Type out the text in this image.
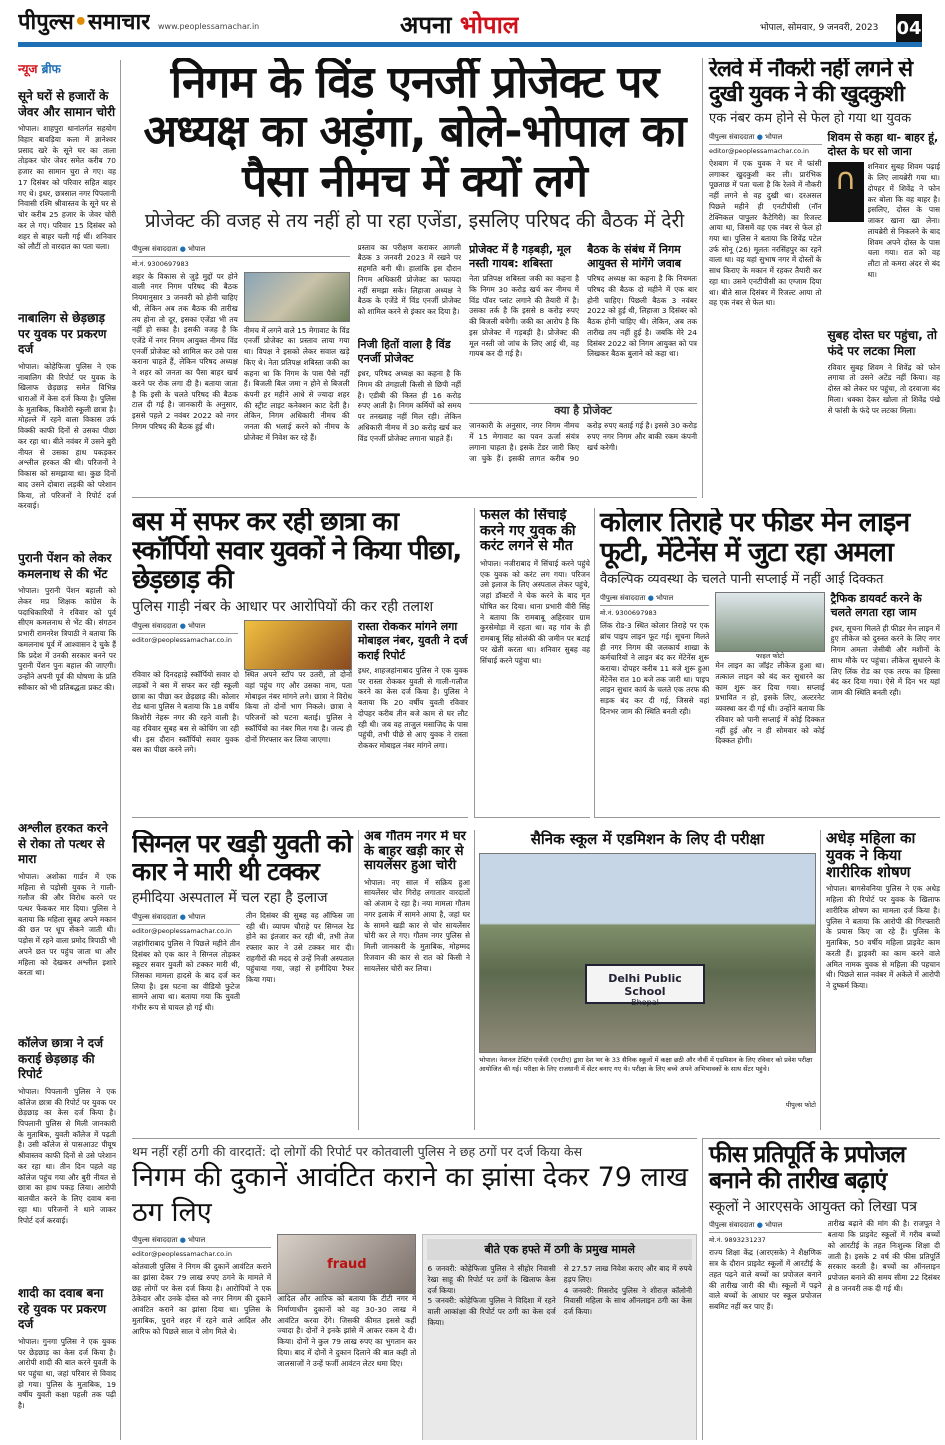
पीपुल्स•समाचार www.peoplessamachar.in	अपना भोपाल	भोपाल, सोमवार, 9 जनवरी, 2023 04
न्यूज ब्रीफ
सूने घरों से हजारों के जेवर और सामान चोरी
भोपाल। शाहपुरा थानांतर्गत सहयोग विहार बावड़िया कला में ज्ञानेश्वर प्रसाद खरे के सूने घर का ताला तोड़कर चोर जेवर समेत करीब 70 हजार का सामान चुरा ले गए। वह 17 दिसंबर को परिवार सहित बाहर गए थे। इधर, छत्रसाल नगर पिपलानी निवासी रश्मि श्रीवास्तव के सूने घर से चोर करीब 25 हजार के जेवर चोरी कर ले गए। परिवार 15 दिसंबर को शहर से बाहर चली गई थीं। शनिवार को लौटीं तो वारदात का पता चला।
नाबालिग से छेड़छाड़ पर युवक पर प्रकरण दर्ज
भोपाल। कोहेफिजा पुलिस ने एक नाबालिग की रिपोर्ट पर युवक के खिलाफ छेड़छाड़ समेत विभिन्न धाराओं में केस दर्ज किया है। पुलिस के मुताबिक, किशोरी स्कूली छात्रा है। मोहल्ले में रहने वाला विकास उर्फ विक्की काफी दिनों से उसका पीछा कर रहा था। बीते नवंबर में उसने बुरी नीयत से उसका हाथ पकड़कर अश्लील हरकत की थी। परिजनों ने विकास को समझाया था। कुछ दिनों बाद उसने दोबारा लड़की को परेशान किया, तो परिजनों ने रिपोर्ट दर्ज करवाई।
पुरानी पेंशन को लेकर कमलनाथ से की भेंट
भोपाल। पुरानी पेंशन बहाली को लेकर मप्र शिक्षक कांग्रेस के पदाधिकारियों ने रविवार को पूर्व सीएम कमलनाथ से भेंट की। संगठन प्रभारी रामनरेश त्रिपाठी ने बताया कि कमलनाथ पूर्व में आश्वासन दे चुके हैं कि प्रदेश में उनकी सरकार बनने पर पुरानी पेंशन पुनः बहाल की जाएगी। उन्होंने अपनी पूर्व की घोषणा के प्रति स्वीकार को भी प्रतिबद्धता प्रकट की।
अश्लील हरकत करने से रोका तो पत्थर से मारा
भोपाल। अशोका गार्डन में एक महिला से पड़ोसी युवक ने गाली-गलौज की और विरोध करने पर पत्थर फेंककर मार दिया। पुलिस ने बताया कि महिला सुबह अपने मकान की छत पर धूप सेंकने जाती थी। पड़ोस में रहने वाला प्रमोद त्रिपाठी भी अपने छत पर पहुंच जाता था और महिला को देखकर अश्लील इशारे करता था।
कॉलेज छात्रा ने दर्ज कराई छेड़छाड़ की रिपोर्ट
भोपाल। पिपलानी पुलिस ने एक कॉलेज छात्रा की रिपोर्ट पर युवक पर छेड़छाड़ का केस दर्ज किया है। पिपलानी पुलिस से मिली जानकारी के मुताबिक, युवती कॉलेज में पढ़ती है। उसी कॉलेज से पासआउट पीयूष श्रीवास्तव काफी दिनों से उसे परेशान कर रहा था। तीन दिन पहले वह कॉलेज पहुंच गया और बुरी नीयत से छात्रा का हाथ पकड़ लिया। आरोपी बातचीत करने के लिए दवाब बना रहा था। परिजनों ने थाने जाकर रिपोर्ट दर्ज करवाई।
शादी का दवाब बना रहे युवक पर प्रकरण दर्ज
भोपाल। गुनगा पुलिस ने एक युवक पर छेड़छाड़ का केस दर्ज किया है। आरोपी शादी की बात करने युवती के घर पहुंचा था, जहां परिवार से विवाद हो गया। पुलिस के मुताबिक, 19 वर्षीय युवती कक्षा पहली तक पढ़ी है।
निगम के विंड एनर्जी प्रोजेक्ट पर अध्यक्ष का अड़ंगा, बोले-भोपाल का पैसा नीमच में क्यों लगे
प्रोजेक्ट की वजह से तय नहीं हो पा रहा एजेंडा, इसलिए परिषद की बैठक में देरी
पीपुल्स संवाददाता ● भोपाल
मो.नं. 9300697983
शहर के विकास से जुड़े मुद्दों पर होने वाली नगर निगम परिषद की बैठक नियमानुसार 3 जनवरी को होनी चाहिए थी, लेकिन अब तक बैठक की तारीख तय होना तो दूर, इसका एजेंडा भी तय नहीं हो सका है। इसकी वजह है कि एजेंडे में नगर निगम आयुक्त नीमच विंड एनर्जी प्रोजेक्ट को शामिल कर उसे पास कराना चाहते हैं, लेकिन परिषद अध्यक्ष ने शहर को जनता का पैसा बाहर खर्च करने पर रोक लगा दी है। बताया जाता है कि इसी के चलते परिषद की बैठक टाल दी गई है। जानकारी के अनुसार, इससे पहले 2 नवंबर 2022 को नगर निगम परिषद की बैठक हुई थी।
नीमच में लगने वाले 15 मेगावाट के विंड एनर्जी प्रोजेक्ट का प्रस्ताव लाया गया था। विपक्ष ने इसको लेकर सवाल खड़े किए थे। नेता प्रतिपक्ष शबिस्ता जकी का कहना था कि निगम के पास पैसे नहीं हैं। बिजली बिल जमा न होने से बिजली कंपनी हर महीने आधे से ज्यादा शहर की स्ट्रीट लाइट कनेक्शन काट देती है। लेकिन, निगम अधिकारी नीमच की जनता की भलाई करने को नीमच के प्रोजेक्ट में निवेश कर रहे हैं।
प्रस्ताव का परीक्षण कराकर आगली बैठक 3 जनवरी 2023 में रखने पर सहमति बनी थी। हालांकि इस दौरान निगम अधिकारी प्रोजेक्ट का फायदा नहीं समझा सके। लिहाजा अध्यक्ष ने बैठक के एजेंडे में विंड एनर्जी प्रोजेक्ट को शामिल करने से इंकार कर दिया है।
निजी हितों वाला है विंड एनर्जी प्रोजेक्ट
इधर, परिषद अध्यक्ष का कहना है कि निगम की तंगहाली किसी से छिपी नहीं है। एडीबी की किस्त ही 16 करोड़ रुपए आती है। निगम कर्मियों को समय पर तनख्वाह नहीं मिल रही। लेकिन अधिकारी नीमच में 30 करोड़ खर्च कर विंड एनर्जी प्रोजेक्ट लगाना चाहते हैं।
प्रोजेक्ट में है गड़बड़ी, मूल नस्ती गायब: शबिस्ता
नेता प्रतिपक्ष शबिस्ता जकी का कहना है कि निगम 30 करोड़ खर्च कर नीमच में विंड पॉवर प्लांट लगाने की तैयारी में है। उसका तर्क है कि इससे 8 करोड़ रुपए की बिजली बचेगी। जकी का आरोप है कि इस प्रोजेक्ट में गड़बड़ी है। प्रोजेक्ट की मूल नस्ती जो जांच के लिए आई थी, वह गायब कर दी गई है।
बैठक के संबंध में निगम आयुक्त से मांगेंगे जवाब
परिषद अध्यक्ष का कहना है कि नियमतः परिषद की बैठक दो महीने में एक बार होनी चाहिए। पिछली बैठक 3 नवंबर 2022 को हुई थी, लिहाजा 3 दिसंबर को बैठक होनी चाहिए थी। लेकिन, अब तक तारीख तय नहीं हुई है। जबकि मेरे 24 दिसंबर 2022 को निगम आयुक्त को पत्र लिखकर बैठक बुलाने को कहा था।
क्या है प्रोजेक्ट
जानकारी के अनुसार, नगर निगम नीमच में 15 मेगावाट का पवन ऊर्जा संयंत्र लगाना चाहता है। इसके टेंडर जारी किए जा चुके हैं। इसकी लागत करीब 90 करोड़ रुपए बताई गई है। इससे 30 करोड़ रुपए नगर निगम और बाकी रकम कंपनी खर्च करेगी।
रेलवे में नौकरी नहीं लगने से दुखी युवक ने की खुदकुशी
एक नंबर कम होने से फेल हो गया था युवक
पीपुल्स संवाददाता ● भोपाल
editor@peoplessamachar.co.in
ऐशबाग में एक युवक ने घर में फांसी लगाकर खुदकुशी कर ली। प्रारंभिक पूछताछ में पता चला है कि रेलवे में नौकरी नहीं लगने से वह दुखी था। दरअसल पिछले महीने ही एनटीपीसी (नॉन टेक्निकल पापुलर कैटेगिरी) का रिजल्ट आया था, जिसमें वह एक नंबर से फेल हो गया था। पुलिस ने बताया कि शिवेंद्र पटेल उर्फ सोनू (26) मूलतः नरसिंहपुर का रहने वाला था। वह यहां सुभाष नगर में दोस्तों के साथ किराए के मकान में रहकर तैयारी कर रहा था। उसने एनटीपीसी का एग्जाम दिया था। बीते साल दिसंबर में रिजल्ट आया तो वह एक नंबर से फेल था।
शिवम से कहा था- बाहर हूं, दोस्त के घर सो जाना
∩	शनिवार सुबह शिवम पढ़ाई के लिए लायब्रेरी गया था। दोपहर में शिवेंद्र ने फोन कर बोला कि वह बाहर है। इसलिए, दोस्त के पास जाकर खाना खा लेना। लायब्रेरी से निकलने के बाद शिवम अपने दोस्त के पास चला गया। रात को वह लौटा तो कमरा अंदर से बंद था।
सुबह दोस्त घर पहुंचा, तो फंदे पर लटका मिला
रविवार सुबह शिवम ने शिवेंद्र को फोन लगाया तो उसने अटेंड नहीं किया। वह दोस्त को लेकर घर पहुंचा, तो दरवाजा बंद मिला। धक्का देकर खोला तो शिवेंद्र पंखे से फांसी के फंदे पर लटका मिला।
बस में सफर कर रही छात्रा का स्कॉर्पियो सवार युवकों ने किया पीछा, छेड़छाड़ की
पुलिस गाड़ी नंबर के आधार पर आरोपियों की कर रही तलाश
पीपुल्स संवाददाता ● भोपाल
editor@peoplessamachar.co.in
रविवार को दिनदहाड़े स्कॉर्पियो सवार दो लड़कों ने बस में सफर कर रही स्कूली छात्रा का पीछा कर छेड़छाड़ की। कोलार रोड थाना पुलिस ने बताया कि 18 वर्षीय किशोरी नेहरू नगर की रहने वाली है। वह रविवार सुबह बस से कोचिंग जा रही थी। इस दौरान स्कॉर्पियो सवार युवक बस का पीछा करने लगे।
स्थित अपने स्टॉप पर उतरी, तो दोनों वहां पहुंच गए और उसका नाम, पता मोबाइल नंबर मांगने लगे। छात्रा ने विरोध किया तो दोनों भाग निकले। छात्रा ने परिजनों को घटना बताई। पुलिस ने स्कॉर्पियो का नंबर मिल गया है। जल्द ही दोनों गिरफ्तार कर लिया जाएगा।
रास्ता रोककर मांगने लगा मोबाइल नंबर, युवती ने दर्ज कराई रिपोर्ट
इधर, शाहजहांनाबाद पुलिस ने एक युवक पर रास्ता रोककर युवती से गाली-गलौज करने का केस दर्ज किया है। पुलिस ने बताया कि 20 वर्षीय युवती रविवार दोपहर करीब तीन बजे काम से घर लौट रही थी। जब वह ताजुल मसाजिद के पास पहुंची, तभी पीछे से आए युवक ने रास्ता रोककर मोबाइल नंबर मांगने लगा।
फसल की सिंचाई करने गए युवक की करंट लगने से मौत
भोपाल। नजीराबाद में सिंचाई करने पहुंचे एक युवक को करंट लग गया। परिजन उसे इलाज के लिए अस्पताल लेकर पहुंचे, जहां डॉक्टरों ने चेक करने के बाद मृत घोषित कर दिया। थाना प्रभारी वीरी सिंह ने बताया कि रामबाबू अहिरवार ग्राम कुरसेमोड़ा में रहता था। वह गांव के ही रामबाबू सिंह सोलंकी की जमीन पर बटाई पर खेती करता था। शनिवार सुबह वह सिंचाई करने पहुंचा था।
कोलार तिराहे पर फीडर मेन लाइन फूटी, मेंटेनेंस में जुटा रहा अमला
वैकल्पिक व्यवस्था के चलते पानी सप्लाई में नहीं आई दिक्कत
पीपुल्स संवाददाता ● भोपाल
मो.नं. 9300697983
लिंक रोड-3 स्थित कोलार तिराहे पर एक ब्रांच पाइप लाइन फूट गई। सूचना मिलते ही नगर निगम की जलकार्य शाखा के कर्मचारियों ने लाइन बंद कर मेंटेनेंस शुरू कराया। दोपहर करीब 11 बजे शुरू हुआ मेंटेनेंस रात 10 बजे तक जारी था। पाइप लाइन सुधार कार्य के चलते एक तरफ की सड़क बंद कर दी गई, जिससे वहां दिनभर जाम की स्थिति बनती रही।
फाइल फोटो
मेन लाइन का जॉइंट लीकेज हुआ था। तत्काल लाइन को बंद कर सुधारने का काम शुरू कर दिया गया। सप्लाई प्रभावित न हो, इसके लिए, अल्टरनेट व्यवस्था कर दी गई थी। उन्होंने बताया कि रविवार को पानी सप्लाई में कोई दिक्कत नहीं हुई और न ही सोमवार को कोई दिक्कत होगी।
ट्रैफिक डायवर्ट करने के चलते लगता रहा जाम
इधर, सूचना मिलते ही फीडर मेन लाइन में हुए लीकेज को दुरुस्त करने के लिए नगर निगम अमला जेसीबी और मशीनों के साथ मौके पर पहुंचा। लीकेज सुधारने के लिए लिंक रोड का एक तरफ का हिस्सा बंद कर दिया गया। ऐसे में दिन भर यहां जाम की स्थिति बनती रही।
सिग्नल पर खड़ी युवती को कार ने मारी थी टक्कर
हमीदिया अस्पताल में चल रहा है इलाज
पीपुल्स संवाददाता ● भोपाल
editor@peoplessamachar.co.in
जहांगीराबाद पुलिस ने पिछले महीने तीन दिसंबर को एक कार ने सिग्नल तोड़कर स्कूटर सवार युवती को टक्कर मारी थी, जिसका मामला हादसे के बाद दर्ज कर लिया है। इस घटना का वीडियो फुटेज सामने आया था। बताया गया कि युवती गंभीर रूप से घायल हो गई थी।
तीन दिसंबर की सुबह वह ऑफिस जा रही थी। व्यापम चौराहे पर सिग्नल रेड होने का इंतजार कर रही थी, तभी तेज रफ्तार कार ने उसे टक्कर मार दी। राहगीरों की मदद से उन्हें निजी अस्पताल पहुंचाया गया, जहां से हमीदिया रैफर किया गया।
अब गौतम नगर में घर के बाहर खड़ी कार से सायलेंसर हुआ चोरी
भोपाल। नए साल में सक्रिय हुआ सायलेंसर चोर गिरोह लगातार वारदातों को अंजाम दे रहा है। नया मामला गौतम नगर इलाके में सामने आया है, जहां घर के सामने खड़ी कार से चोर सायलेंसर चोरी कर ले गए। गौतम नगर पुलिस से मिली जानकारी के मुताबिक, मोहम्मद रिजवान की कार से रात को किसी ने सायलेंसर चोरी कर लिया।
सैनिक स्कूल में एडमिशन के लिए दी परीक्षा
Delhi Public School
Bhopal
भोपाल। नेशनल टेस्टिंग एजेंसी (एनटीए) द्वारा देश भर के 33 सैनिक स्कूलों में कक्षा छठी और नौवीं में एडमिशन के लिए रविवार को प्रवेश परीक्षा आयोजित की गई। परीक्षा के लिए राजधानी में सेंटर बनाए गए थे। परीक्षा के लिए बच्चे अपने अभिभावकों के साथ सेंटर पहुंचे।
पीपुल्स फोटो
अधेड़ महिला का युवक ने किया शारीरिक शोषण
भोपाल। बागसेवनिया पुलिस ने एक अधेड़ महिला की रिपोर्ट पर युवक के खिलाफ शारीरिक शोषण का मामला दर्ज किया है। पुलिस ने बताया कि आरोपी की गिरफ्तारी के प्रयास किए जा रहे हैं। पुलिस के मुताबिक, 50 वर्षीय महिला प्राइवेट काम करती हैं। ड्राइवरी का काम करने वाले अमित नामक युवक से महिला की पहचान थी। पिछले साल नवंबर में अकेले में आरोपी ने दुष्कर्म किया।
थम नहीं रहीं ठगी की वारदातें: दो लोगों की रिपोर्ट पर कोतवाली पुलिस ने छह ठगों पर दर्ज किया केस
निगम की दुकानें आवंटित कराने का झांसा देकर 79 लाख ठग लिए
पीपुल्स संवाददाता ● भोपाल
editor@peoplessamachar.co.in
कोतवाली पुलिस ने निगम की दुकानें आवंटित कराने का झांसा देकर 79 लाख रुपए ठगने के मामले में छह लोगों पर केस दर्ज किया है। आरोपियों ने एक ठेकेदार और उनके दोस्त को नगर निगम की दुकानें आवंटित कराने का झांसा दिया था। पुलिस के मुताबिक, पुराने शहर में रहने वाले आदिल और आरिफ को पिछले साल ये लोग मिले थे।
fraud
आदिल और आरिफ को बताया कि टीटी नगर में निर्माणाधीन दुकानों को वह 30-30 लाख में आवंटित करवा देंगे। जिसकी कीमत इससे कहीं ज्यादा है। दोनों ने इनके झांसे में आकर रकम दे दी। किया। दोनों ने कुल 79 लाख रुपए का भुगतान कर दिया। बाद में दोनों ने दुकान दिलाने की बात कही तो जालसाजों ने उन्हें फर्जी आवंटन लेटर थमा दिए।
बीते एक हफ्ते में ठगी के प्रमुख मामले

6 जनवरी: कोहेफिजा पुलिस ने सीहोर निवासी रेखा साहू की रिपोर्ट पर ठगों के खिलाफ केस दर्ज किया।

5 जनवरी: कोहेफिजा पुलिस ने विदिशा में रहने वाली आकांक्षा की रिपोर्ट पर ठगी का केस दर्ज किया।

से 27.57 लाख निवेश कराए और बाद में रुपये हड़प लिए।

4 जनवरी: मिसरोद पुलिस ने शीराज़ कॉलोनी निवासी महिला के साथ ऑनलाइन ठगी का केस दर्ज किया।

फीस प्रतिपूर्ति के प्रपोजल बनाने की तारीख बढ़ाएं
स्कूलों ने आरएसके आयुक्त को लिखा पत्र
पीपुल्स संवाददाता ● भोपाल
मो.नं. 9893231237
राज्य शिक्षा केंद्र (आरएसके) ने शैक्षणिक सत्र के दौरान प्राइवेट स्कूलों में आरटीई के तहत पढ़ने वाले बच्चों का प्रपोजल बनाने की तारीख जारी की थी। स्कूलों में पढ़ने वाले बच्चों के आधार पर स्कूल प्रपोजल सबमिट नहीं कर पाए हैं।
तारीख बढ़ाने की मांग की है। राजपूत ने बताया कि प्राइवेट स्कूलों में गरीब बच्चों को आरटीई के तहत निःशुल्क शिक्षा दी जाती है। इसके 2 वर्ष की फीस प्रतिपूर्ति सरकार करती है। बच्चों का ऑनलाइन प्रपोजल बनाने की समय सीमा 22 दिसंबर से 8 जनवरी तक दी गई थी।
